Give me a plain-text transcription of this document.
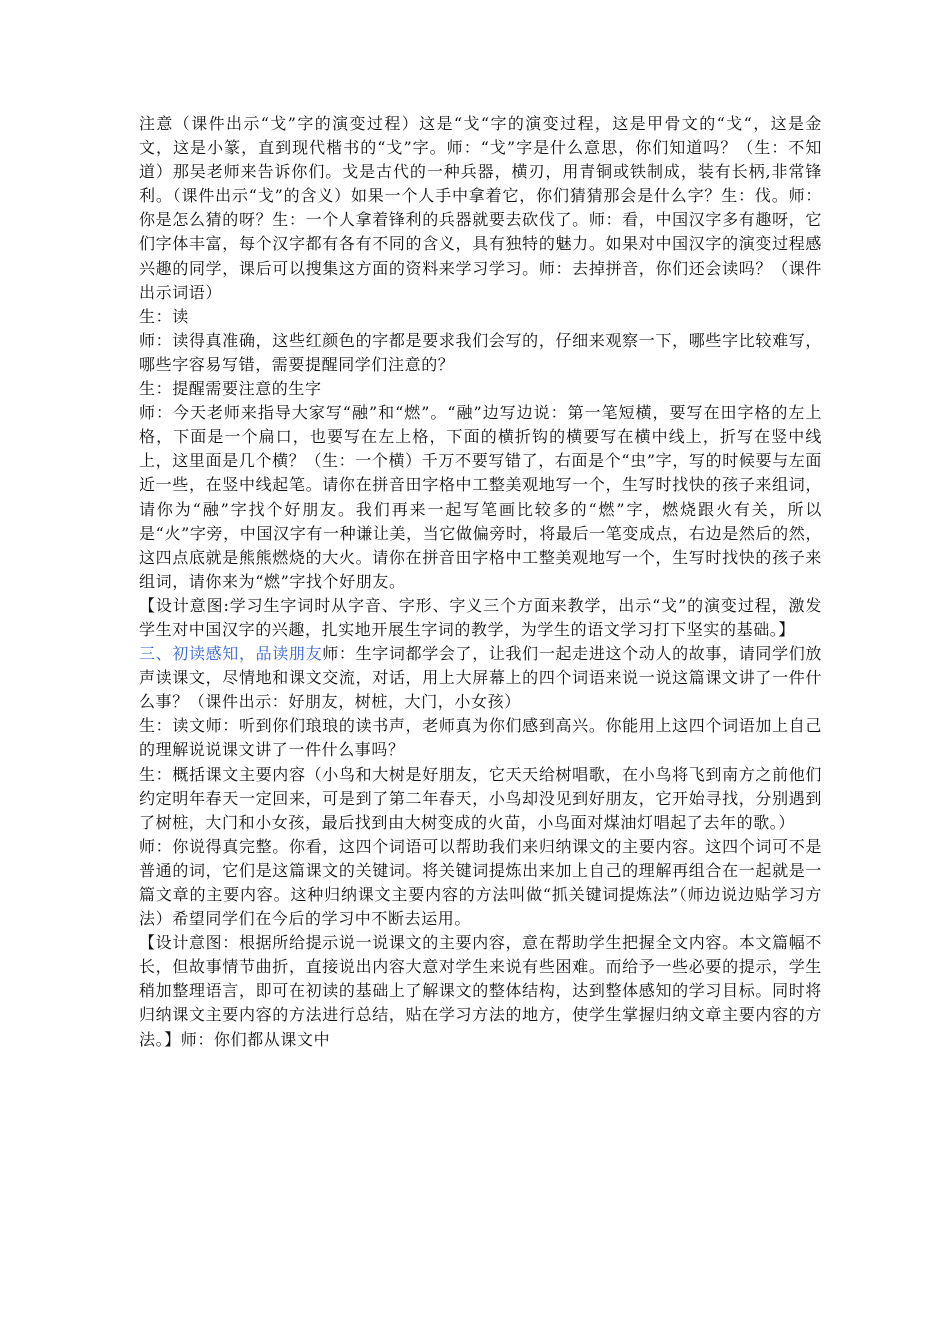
注意（课件出示“戈”字的演变过程）这是“戈“字的演变过程，这是甲骨文的“戈“，这是金文，这是小篆，直到现代楷书的“戈”字。师：“戈”字是什么意思，你们知道吗？（生：不知道）那吴老师来告诉你们。戈是古代的一种兵器，横刃，用青铜或铁制成，装有长柄,非常锋利。（课件出示“戈”的含义）如果一个人手中拿着它，你们猜猜那会是什么字？生：伐。师：你是怎么猜的呀？生：一个人拿着锋利的兵器就要去砍伐了。师：看，中国汉字多有趣呀，它们字体丰富，每个汉字都有各有不同的含义，具有独特的魅力。如果对中国汉字的演变过程感兴趣的同学，课后可以搜集这方面的资料来学习学习。师：去掉拼音，你们还会读吗？（课件出示词语）

生：读

师：读得真准确，这些红颜色的字都是要求我们会写的，仔细来观察一下，哪些字比较难写，哪些字容易写错，需要提醒同学们注意的？

生：提醒需要注意的生字

师：今天老师来指导大家写“融”和“燃”。“融”边写边说：第一笔短横，要写在田字格的左上格，下面是一个扁口，也要写在左上格，下面的横折钩的横要写在横中线上，折写在竖中线上，这里面是几个横？（生：一个横）千万不要写错了，右面是个“虫”字，写的时候要与左面近一些，在竖中线起笔。请你在拼音田字格中工整美观地写一个，生写时找快的孩子来组词，请你为“融”字找个好朋友。我们再来一起写笔画比较多的“燃”字，燃烧跟火有关，所以是“火”字旁，中国汉字有一种谦让美，当它做偏旁时，将最后一笔变成点，右边是然后的然，这四点底就是熊熊燃烧的大火。请你在拼音田字格中工整美观地写一个，生写时找快的孩子来组词，请你来为“燃”字找个好朋友。

【设计意图:学习生字词时从字音、字形、字义三个方面来教学，出示“戈”的演变过程，激发学生对中国汉字的兴趣，扎实地开展生字词的教学，为学生的语文学习打下坚实的基础。】

三、初读感知，品读朋友师：生字词都学会了，让我们一起走进这个动人的故事，请同学们放声读课文，尽情地和课文交流，对话，用上大屏幕上的四个词语来说一说这篇课文讲了一件什么事？（课件出示：好朋友，树桩，大门，小女孩）

生：读文师：听到你们琅琅的读书声，老师真为你们感到高兴。你能用上这四个词语加上自己的理解说说课文讲了一件什么事吗？

生：概括课文主要内容（小鸟和大树是好朋友，它天天给树唱歌，在小鸟将飞到南方之前他们约定明年春天一定回来，可是到了第二年春天，小鸟却没见到好朋友，它开始寻找，分别遇到了树桩，大门和小女孩，最后找到由大树变成的火苗，小鸟面对煤油灯唱起了去年的歌。）

师：你说得真完整。你看，这四个词语可以帮助我们来归纳课文的主要内容。这四个词可不是普通的词，它们是这篇课文的关键词。将关键词提炼出来加上自己的理解再组合在一起就是一篇文章的主要内容。这种归纳课文主要内容的方法叫做“抓关键词提炼法”（师边说边贴学习方法）希望同学们在今后的学习中不断去运用。

【设计意图：根据所给提示说一说课文的主要内容，意在帮助学生把握全文内容。本文篇幅不长，但故事情节曲折，直接说出内容大意对学生来说有些困难。而给予一些必要的提示，学生稍加整理语言，即可在初读的基础上了解课文的整体结构，达到整体感知的学习目标。同时将归纳课文主要内容的方法进行总结，贴在学习方法的地方，使学生掌握归纳文章主要内容的方法。】师：你们都从课文中
